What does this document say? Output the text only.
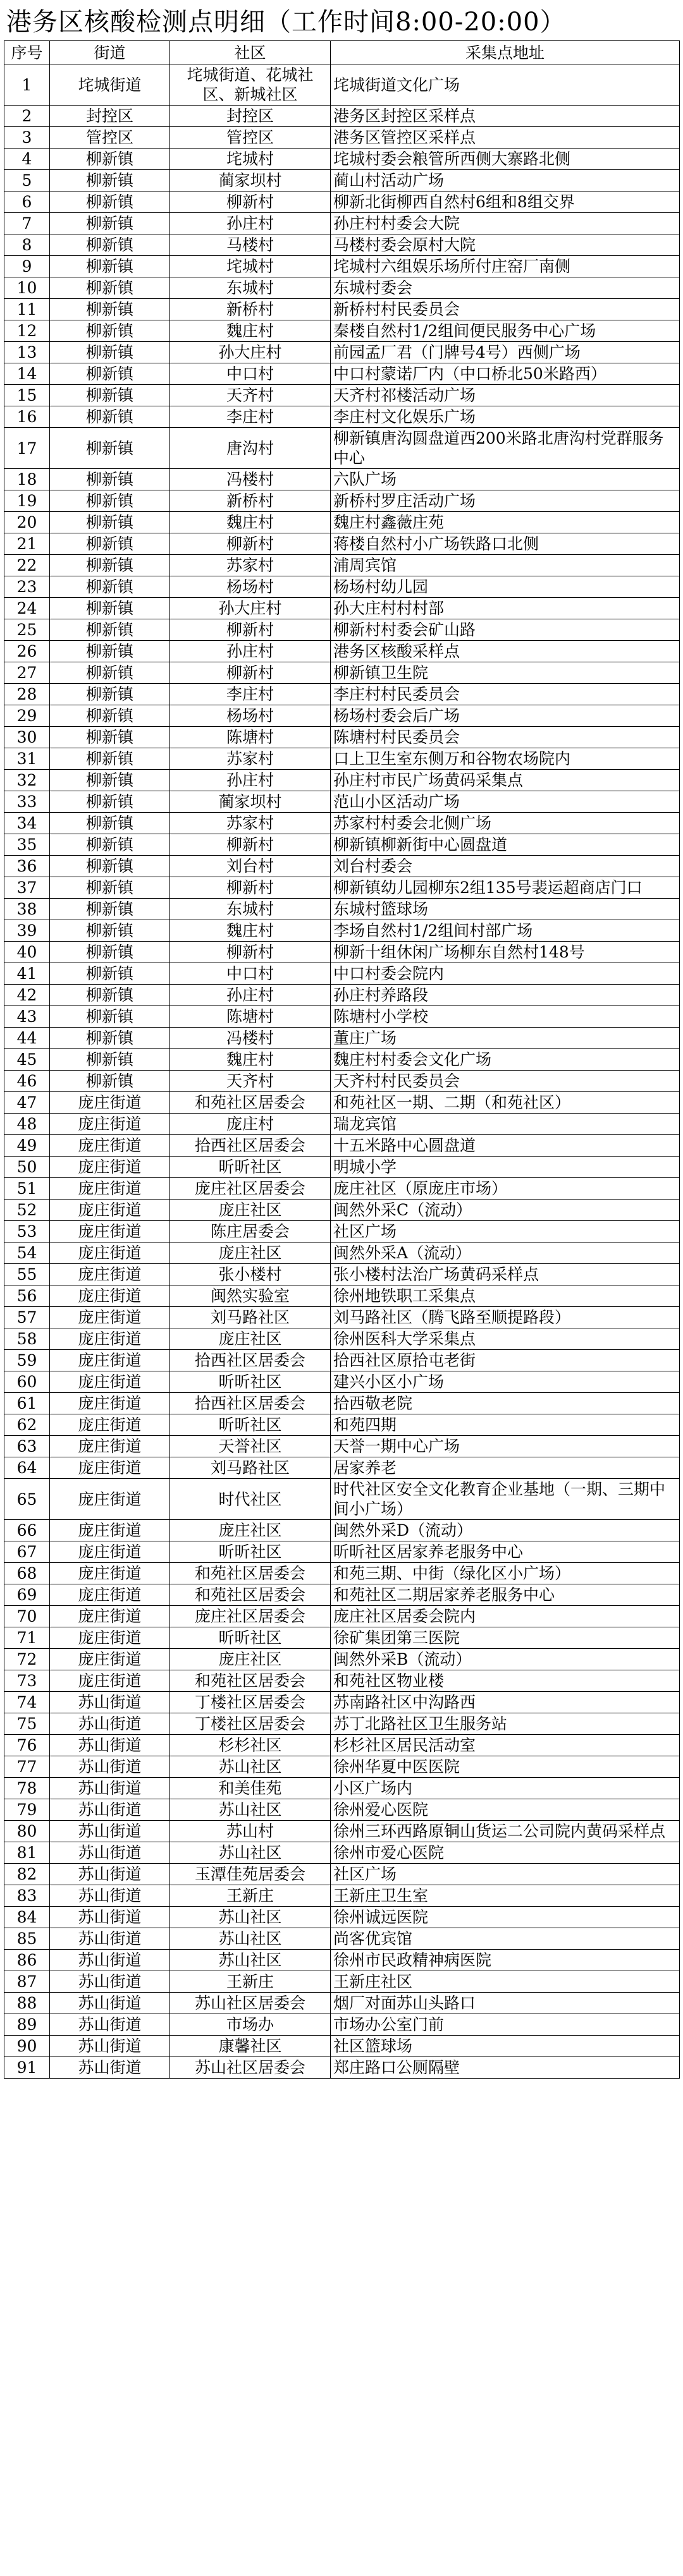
港务区核酸检测点明细（工作时间8:00-20:00）
序号	街道	社区	采集点地址
1	垞城街道	垞城街道、花城社区、新城社区	垞城街道文化广场
2	封控区	封控区	港务区封控区采样点
3	管控区	管控区	港务区管控区采样点
4	柳新镇	垞城村	垞城村委会粮管所西侧大寨路北侧
5	柳新镇	蔺家坝村	蔺山村活动广场
6	柳新镇	柳新村	柳新北街柳西自然村6组和8组交界
7	柳新镇	孙庄村	孙庄村村委会大院
8	柳新镇	马楼村	马楼村委会原村大院
9	柳新镇	垞城村	垞城村六组娱乐场所付庄窑厂南侧
10	柳新镇	东城村	东城村委会
11	柳新镇	新桥村	新桥村村民委员会
12	柳新镇	魏庄村	秦楼自然村1/2组间便民服务中心广场
13	柳新镇	孙大庄村	前园孟厂君（门牌号4号）西侧广场
14	柳新镇	中口村	中口村蒙诺厂内（中口桥北50米路西）
15	柳新镇	天齐村	天齐村祁楼活动广场
16	柳新镇	李庄村	李庄村文化娱乐广场
17	柳新镇	唐沟村	柳新镇唐沟圆盘道西200米路北唐沟村党群服务中心
18	柳新镇	冯楼村	六队广场
19	柳新镇	新桥村	新桥村罗庄活动广场
20	柳新镇	魏庄村	魏庄村鑫薇庄苑
21	柳新镇	柳新村	蒋楼自然村小广场铁路口北侧
22	柳新镇	苏家村	浦周宾馆
23	柳新镇	杨场村	杨场村幼儿园
24	柳新镇	孙大庄村	孙大庄村村村部
25	柳新镇	柳新村	柳新村村委会矿山路
26	柳新镇	孙庄村	港务区核酸采样点
27	柳新镇	柳新村	柳新镇卫生院
28	柳新镇	李庄村	李庄村村民委员会
29	柳新镇	杨场村	杨场村委会后广场
30	柳新镇	陈塘村	陈塘村村民委员会
31	柳新镇	苏家村	口上卫生室东侧万和谷物农场院内
32	柳新镇	孙庄村	孙庄村市民广场黄码采集点
33	柳新镇	蔺家坝村	范山小区活动广场
34	柳新镇	苏家村	苏家村村委会北侧广场
35	柳新镇	柳新村	柳新镇柳新街中心圆盘道
36	柳新镇	刘台村	刘台村委会
37	柳新镇	柳新村	柳新镇幼儿园柳东2组135号裴运超商店门口
38	柳新镇	东城村	东城村篮球场
39	柳新镇	魏庄村	李场自然村1/2组间村部广场
40	柳新镇	柳新村	柳新十组休闲广场柳东自然村148号
41	柳新镇	中口村	中口村委会院内
42	柳新镇	孙庄村	孙庄村养路段
43	柳新镇	陈塘村	陈塘村小学校
44	柳新镇	冯楼村	董庄广场
45	柳新镇	魏庄村	魏庄村村委会文化广场
46	柳新镇	天齐村	天齐村村民委员会
47	庞庄街道	和苑社区居委会	和苑社区一期、二期（和苑社区）
48	庞庄街道	庞庄村	瑞龙宾馆
49	庞庄街道	拾西社区居委会	十五米路中心圆盘道
50	庞庄街道	昕昕社区	明城小学
51	庞庄街道	庞庄社区居委会	庞庄社区（原庞庄市场）
52	庞庄街道	庞庄社区	闽然外采C（流动）
53	庞庄街道	陈庄居委会	社区广场
54	庞庄街道	庞庄社区	闽然外采A（流动）
55	庞庄街道	张小楼村	张小楼村法治广场黄码采样点
56	庞庄街道	闽然实验室	徐州地铁职工采集点
57	庞庄街道	刘马路社区	刘马路社区（腾飞路至顺提路段）
58	庞庄街道	庞庄社区	徐州医科大学采集点
59	庞庄街道	拾西社区居委会	拾西社区原拾屯老街
60	庞庄街道	昕昕社区	建兴小区小广场
61	庞庄街道	拾西社区居委会	拾西敬老院
62	庞庄街道	昕昕社区	和苑四期
63	庞庄街道	天誉社区	天誉一期中心广场
64	庞庄街道	刘马路社区	居家养老
65	庞庄街道	时代社区	时代社区安全文化教育企业基地（一期、三期中间小广场）
66	庞庄街道	庞庄社区	闽然外采D（流动）
67	庞庄街道	昕昕社区	昕昕社区居家养老服务中心
68	庞庄街道	和苑社区居委会	和苑三期、中街（绿化区小广场）
69	庞庄街道	和苑社区居委会	和苑社区二期居家养老服务中心
70	庞庄街道	庞庄社区居委会	庞庄社区居委会院内
71	庞庄街道	昕昕社区	徐矿集团第三医院
72	庞庄街道	庞庄社区	闽然外采B（流动）
73	庞庄街道	和苑社区居委会	和苑社区物业楼
74	苏山街道	丁楼社区居委会	苏南路社区中沟路西
75	苏山街道	丁楼社区居委会	苏丁北路社区卫生服务站
76	苏山街道	杉杉社区	杉杉社区居民活动室
77	苏山街道	苏山社区	徐州华夏中医医院
78	苏山街道	和美佳苑	小区广场内
79	苏山街道	苏山社区	徐州爱心医院
80	苏山街道	苏山村	徐州三环西路原铜山货运二公司院内黄码采样点
81	苏山街道	苏山社区	徐州市爱心医院
82	苏山街道	玉潭佳苑居委会	社区广场
83	苏山街道	王新庄	王新庄卫生室
84	苏山街道	苏山社区	徐州诚远医院
85	苏山街道	苏山社区	尚客优宾馆
86	苏山街道	苏山社区	徐州市民政精神病医院
87	苏山街道	王新庄	王新庄社区
88	苏山街道	苏山社区居委会	烟厂对面苏山头路口
89	苏山街道	市场办	市场办公室门前
90	苏山街道	康馨社区	社区篮球场
91	苏山街道	苏山社区居委会	郑庄路口公厕隔壁
